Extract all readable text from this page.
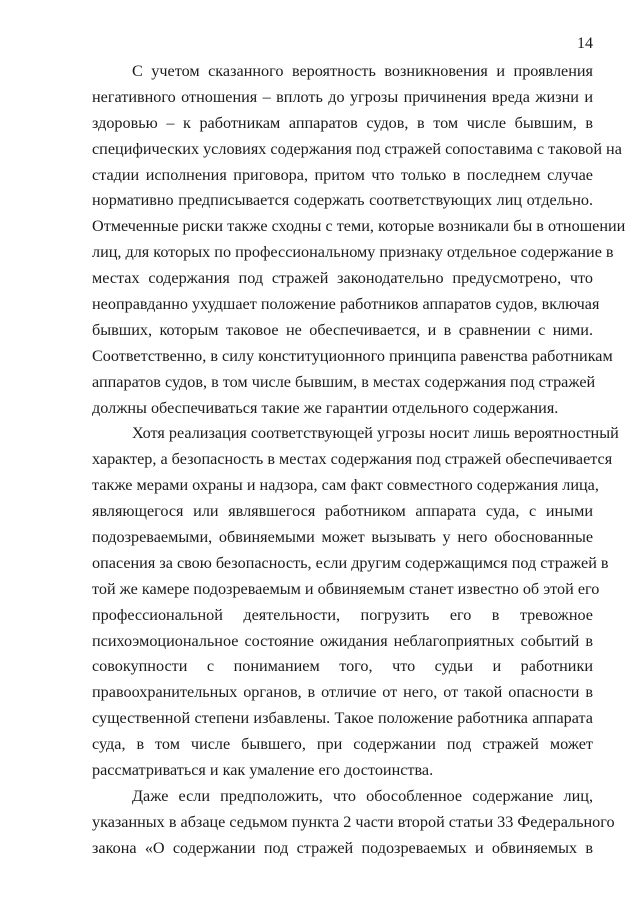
14
С учетом сказанного вероятность возникновения и проявления
негативного отношения – вплоть до угрозы причинения вреда жизни и
здоровью – к работникам аппаратов судов, в том числе бывшим, в
специфических условиях содержания под стражей сопоставима с таковой на
стадии исполнения приговора, притом что только в последнем случае
нормативно предписывается содержать соответствующих лиц отдельно.
Отмеченные риски также сходны с теми, которые возникали бы в отношении
лиц, для которых по профессиональному признаку отдельное содержание в
местах содержания под стражей законодательно предусмотрено, что
неоправданно ухудшает положение работников аппаратов судов, включая
бывших, которым таковое не обеспечивается, и в сравнении с ними.
Соответственно, в силу конституционного принципа равенства работникам
аппаратов судов, в том числе бывшим, в местах содержания под стражей
должны обеспечиваться такие же гарантии отдельного содержания.
Хотя реализация соответствующей угрозы носит лишь вероятностный
характер, а безопасность в местах содержания под стражей обеспечивается
также мерами охраны и надзора, сам факт совместного содержания лица,
являющегося или являвшегося работником аппарата суда, с иными
подозреваемыми, обвиняемыми может вызывать у него обоснованные
опасения за свою безопасность, если другим содержащимся под стражей в
той же камере подозреваемым и обвиняемым станет известно об этой его
профессиональной деятельности, погрузить его в тревожное
психоэмоциональное состояние ожидания неблагоприятных событий в
совокупности с пониманием того, что судьи и работники
правоохранительных органов, в отличие от него, от такой опасности в
существенной степени избавлены. Такое положение работника аппарата
суда, в том числе бывшего, при содержании под стражей может
рассматриваться и как умаление его достоинства.
Даже если предположить, что обособленное содержание лиц,
указанных в абзаце седьмом пункта 2 части второй статьи 33 Федерального
закона «О содержании под стражей подозреваемых и обвиняемых в
